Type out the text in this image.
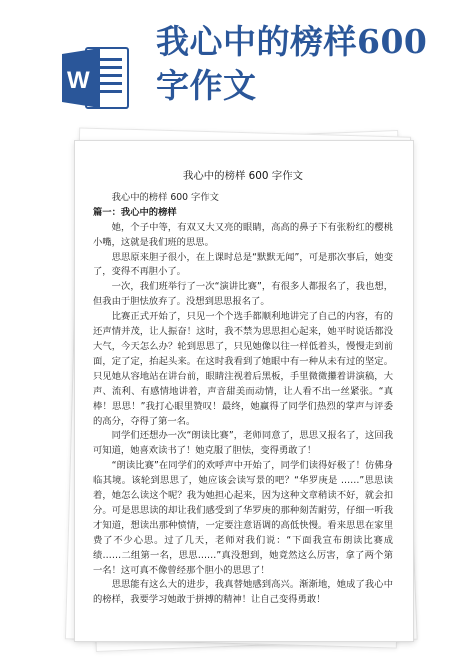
W
我心中的榜样600字作文
我心中的榜样 600 字作文

我心中的榜样 600 字作文

篇一：我心中的榜样

她，个子中等，有双又大又亮的眼睛，高高的鼻子下有张粉红的樱桃小嘴，这就是我们班的思思。

思思原来胆子很小，在上课时总是“默默无闻”，可是那次事后，她变了，变得不再胆小了。

一次，我们班举行了一次“演讲比赛”，有很多人都报名了，我也想，但我由于胆怯放弃了。没想到思思报名了。

比赛正式开始了，只见一个个选手都顺利地讲完了自己的内容，有的还声情并茂，让人振奋！这时，我不禁为思思担心起来，她平时说话都没大气，今天怎么办？轮到思思了，只见她像以往一样低着头，慢慢走到前面，定了定，抬起头来。在这时我看到了她眼中有一种从未有过的坚定。只见她从容地站在讲台前，眼睛注视着后黑板，手里微微攥着讲演稿，大声、流利、有感情地讲着，声音甜美而动情，让人看不出一丝紧张。“真棒！思思！”我打心眼里赞叹！最终，她赢得了同学们热烈的掌声与评委的高分，夺得了第一名。

同学们还想办一次“朗读比赛”，老师同意了，思思又报名了，这回我可知道，她喜欢读书了！她克服了胆怯，变得勇敢了！

“朗读比赛”在同学们的欢呼声中开始了，同学们读得好极了！仿佛身临其境。该轮到思思了，她应该会读写景的吧？“华罗庚是 ……”思思读着，她怎么读这个呢？我为她担心起来，因为这种文章稍读不好，就会扣分。可是思思读的却让我们感受到了华罗庚的那种刻苦耐劳，仔细一听我才知道，想读出那种愤情，一定要注意语调的高低快慢。看来思思在家里费了不少心思。过了几天，老师对我们说：“下面我宣布朗读比赛成绩……二组第一名，思思……”真没想到，她竟然这么厉害，拿了两个第一名！这可真不像曾经那个胆小的思思了！

思思能有这么大的进步，我真替她感到高兴。渐渐地，她成了我心中的榜样，我要学习她敢于拼搏的精神！让自己变得勇敢！
